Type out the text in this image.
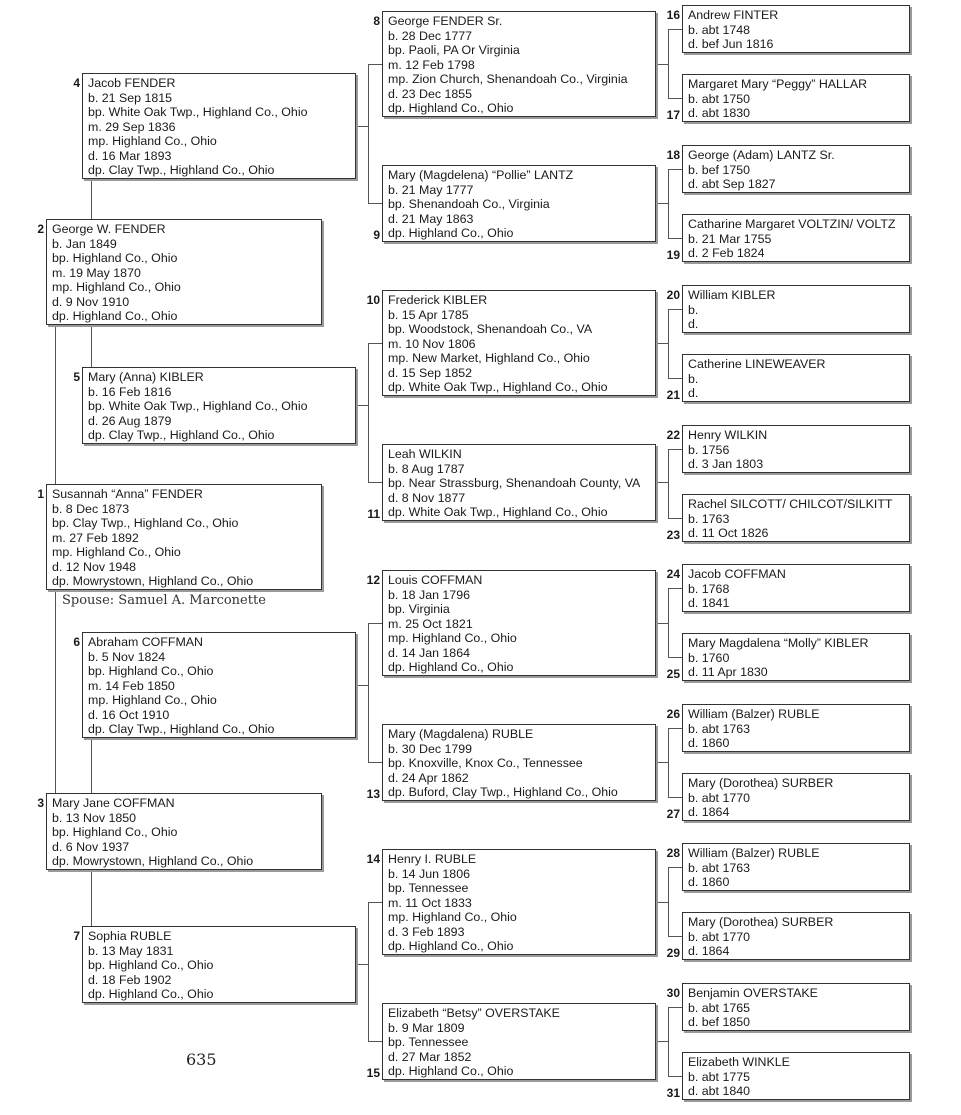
Susannah “Anna” FENDER
b. 8 Dec 1873
bp. Clay Twp., Highland Co., Ohio
m. 27 Feb 1892
mp. Highland Co., Ohio
d. 12 Nov 1948
dp. Mowrystown, Highland Co., Ohio
George W. FENDER
b. Jan 1849
bp. Highland Co., Ohio
m. 19 May 1870
mp. Highland Co., Ohio
d. 9 Nov 1910
dp. Highland Co., Ohio
Mary Jane COFFMAN
b. 13 Nov 1850
bp. Highland Co., Ohio
d. 6 Nov 1937
dp. Mowrystown, Highland Co., Ohio
Jacob FENDER
b. 21 Sep 1815
bp. White Oak Twp., Highland Co., Ohio
m. 29 Sep 1836
mp. Highland Co., Ohio
d. 16 Mar 1893
dp. Clay Twp., Highland Co., Ohio
Mary (Anna) KIBLER
b. 16 Feb 1816
bp. White Oak Twp., Highland Co., Ohio
d. 26 Aug 1879
dp. Clay Twp., Highland Co., Ohio
Abraham COFFMAN
b. 5 Nov 1824
bp. Highland Co., Ohio
m. 14 Feb 1850
mp. Highland Co., Ohio
d. 16 Oct 1910
dp. Clay Twp., Highland Co., Ohio
Sophia RUBLE
b. 13 May 1831
bp. Highland Co., Ohio
d. 18 Feb 1902
dp. Highland Co., Ohio
George FENDER Sr.
b. 28 Dec 1777
bp. Paoli, PA Or Virginia
m. 12 Feb 1798
mp. Zion Church, Shenandoah Co., Virginia
d. 23 Dec 1855
dp. Highland Co., Ohio
Mary (Magdelena) “Pollie” LANTZ
b. 21 May 1777
bp. Shenandoah Co., Virginia
d. 21 May 1863
dp. Highland Co., Ohio
Frederick KIBLER
b. 15 Apr 1785
bp. Woodstock, Shenandoah Co., VA
m. 10 Nov 1806
mp. New Market, Highland Co., Ohio
d. 15 Sep 1852
dp. White Oak Twp., Highland Co., Ohio
Leah WILKIN
b. 8 Aug 1787
bp. Near Strassburg, Shenandoah County, VA
d. 8 Nov 1877
dp. White Oak Twp., Highland Co., Ohio
Louis COFFMAN
b. 18 Jan 1796
bp. Virginia
m. 25 Oct 1821
mp. Highland Co., Ohio
d. 14 Jan 1864
dp. Highland Co., Ohio
Mary (Magdalena) RUBLE
b. 30 Dec 1799
bp. Knoxville, Knox Co., Tennessee
d. 24 Apr 1862
dp. Buford, Clay Twp., Highland Co., Ohio
Henry I. RUBLE
b. 14 Jun 1806
bp. Tennessee
m. 11 Oct 1833
mp. Highland Co., Ohio
d. 3 Feb 1893
dp. Highland Co., Ohio
Elizabeth “Betsy” OVERSTAKE
b. 9 Mar 1809
bp. Tennessee
d. 27 Mar 1852
dp. Highland Co., Ohio
Andrew FINTER
b. abt 1748
d. bef Jun 1816
Margaret Mary “Peggy” HALLAR
b. abt 1750
d. abt 1830
George (Adam) LANTZ Sr.
b. bef 1750
d. abt Sep 1827
Catharine Margaret VOLTZIN/ VOLTZ
b. 21 Mar 1755
d. 2 Feb 1824
William KIBLER
b.
d.
Catherine LINEWEAVER
b.
d.
Henry WILKIN
b. 1756
d. 3 Jan 1803
Rachel SILCOTT/ CHILCOT/SILKITT
b. 1763
d. 11 Oct 1826
Jacob COFFMAN
b. 1768
d. 1841
Mary Magdalena “Molly” KIBLER
b. 1760
d. 11 Apr 1830
William (Balzer) RUBLE
b. abt 1763
d. 1860
Mary (Dorothea) SURBER
b. abt 1770
d. 1864
William (Balzer) RUBLE
b. abt 1763
d. 1860
Mary (Dorothea) SURBER
b. abt 1770
d. 1864
Benjamin OVERSTAKE
b. abt 1765
d. bef 1850
Elizabeth WINKLE
b. abt 1775
d. abt 1840
Spouse: Samuel A. Marconette
635
1
2
3
4
5
6
7
8
9
10
11
12
13
14
15
16
17
18
19
20
21
22
23
24
25
26
27
28
29
30
31
